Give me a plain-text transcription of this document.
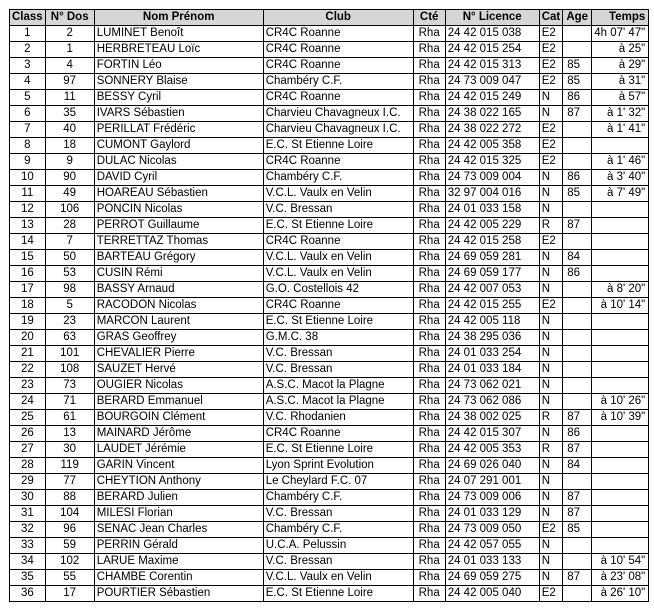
Class	N° Dos	Nom Prénom	Club	Cté	N° Licence	Cat	Age	Temps
1	2	LUMINET Benoît	CR4C Roanne	Rha	24 42 015 038	E2		4h 07' 47"
2	1	HERBRETEAU Loïc	CR4C Roanne	Rha	24 42 015 254	E2		à 25"
3	4	FORTIN Léo	CR4C Roanne	Rha	24 42 015 313	E2	85	à 29"
4	97	SONNERY Blaise	Chambéry C.F.	Rha	24 73 009 047	E2	85	à 31"
5	11	BESSY Cyril	CR4C Roanne	Rha	24 42 015 249	N	86	à 57"
6	35	IVARS Sébastien	Charvieu Chavagneux I.C.	Rha	24 38 022 165	N	87	à 1' 32"
7	40	PERILLAT Frédéric	Charvieu Chavagneux I.C.	Rha	24 38 022 272	E2		à 1' 41"
8	18	CUMONT Gaylord	E.C. St Etienne Loire	Rha	24 42 005 358	E2		
9	9	DULAC Nicolas	CR4C Roanne	Rha	24 42 015 325	E2		à 1' 46"
10	90	DAVID Cyril	Chambéry C.F.	Rha	24 73 009 004	N	86	à 3' 40"
11	49	HOAREAU Sébastien	V.C.L. Vaulx en Velin	Rha	32 97 004 016	N	85	à 7' 49"
12	106	PONCIN Nicolas	V.C. Bressan	Rha	24 01 033 158	N		
13	28	PERROT Guillaume	E.C. St Etienne Loire	Rha	24 42 005 229	R	87	
14	7	TERRETTAZ Thomas	CR4C Roanne	Rha	24 42 015 258	E2		
15	50	BARTEAU Grégory	V.C.L. Vaulx en Velin	Rha	24 69 059 281	N	84	
16	53	CUSIN Rémi	V.C.L. Vaulx en Velin	Rha	24 69 059 177	N	86	
17	98	BASSY Arnaud	G.O. Costellois 42	Rha	24 42 007 053	N		à 8' 20"
18	5	RACODON Nicolas	CR4C Roanne	Rha	24 42 015 255	E2		à 10' 14"
19	23	MARCON Laurent	E.C. St Etienne Loire	Rha	24 42 005 118	N		
20	63	GRAS Geoffrey	G.M.C. 38	Rha	24 38 295 036	N		
21	101	CHEVALIER Pierre	V.C. Bressan	Rha	24 01 033 254	N		
22	108	SAUZET Hervé	V.C. Bressan	Rha	24 01 033 184	N		
23	73	OUGIER Nicolas	A.S.C. Macot la Plagne	Rha	24 73 062 021	N		
24	71	BERARD Emmanuel	A.S.C. Macot la Plagne	Rha	24 73 062 086	N		à 10' 26"
25	61	BOURGOIN Clément	V.C. Rhodanien	Rha	24 38 002 025	R	87	à 10' 39"
26	13	MAINARD Jérôme	CR4C Roanne	Rha	24 42 015 307	N	86	
27	30	LAUDET Jérémie	E.C. St Etienne Loire	Rha	24 42 005 353	R	87	
28	119	GARIN Vincent	Lyon Sprint Evolution	Rha	24 69 026 040	N	84	
29	77	CHEYTION Anthony	Le Cheylard F.C. 07	Rha	24 07 291 001	N		
30	88	BERARD Julien	Chambéry C.F.	Rha	24 73 009 006	N	87	
31	104	MILESI Florian	V.C. Bressan	Rha	24 01 033 129	N	87	
32	96	SENAC Jean Charles	Chambéry C.F.	Rha	24 73 009 050	E2	85	
33	59	PERRIN Gérald	U.C.A. Pelussin	Rha	24 42 057 055	N		
34	102	LARUE Maxime	V.C. Bressan	Rha	24 01 033 133	N		à 10' 54"
35	55	CHAMBE Corentin	V.C.L. Vaulx en Velin	Rha	24 69 059 275	N	87	à 23' 08"
36	17	POURTIER Sébastien	E.C. St Etienne Loire	Rha	24 42 005 040	E2		à 26' 10"
